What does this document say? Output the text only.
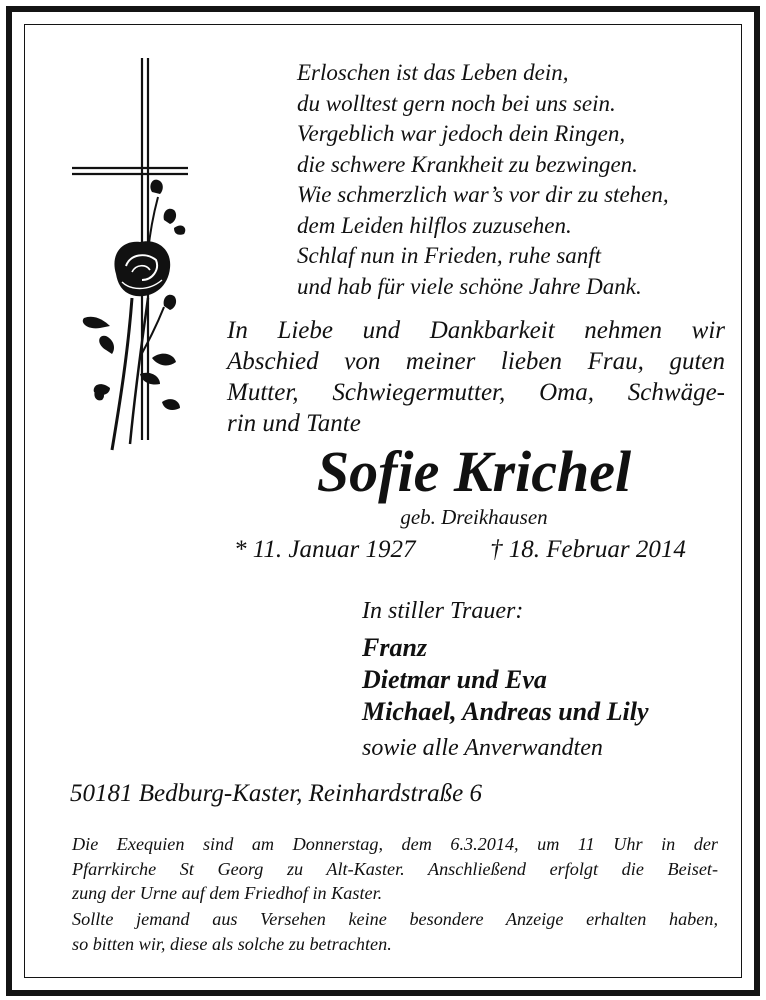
Erloschen ist das Leben dein,
du wolltest gern noch bei uns sein.
Vergeblich war jedoch dein Ringen,
die schwere Krankheit zu bezwingen.
Wie schmerzlich war’s vor dir zu stehen,
dem Leiden hilflos zuzusehen.
Schlaf nun in Frieden, ruhe sanft
und hab für viele schöne Jahre Dank.
In Liebe und Dankbarkeit nehmen wir
Abschied von meiner lieben Frau, guten
Mutter, Schwiegermutter, Oma, Schwäge-
rin und Tante
Sofie Krichel
geb. Dreikhausen
* 11. Januar 1927	† 18. Februar 2014
In stiller Trauer:
Franz
Dietmar und Eva
Michael, Andreas und Lily
sowie alle Anverwandten
50181 Bedburg-Kaster, Reinhardstraße 6
Die Exequien sind am Donnerstag, dem 6.3.2014, um 11 Uhr in der
Pfarrkirche St Georg zu Alt-Kaster. Anschließend erfolgt die Beiset-
zung der Urne auf dem Friedhof in Kaster.
Sollte jemand aus Versehen keine besondere Anzeige erhalten haben,
so bitten wir, diese als solche zu betrachten.
